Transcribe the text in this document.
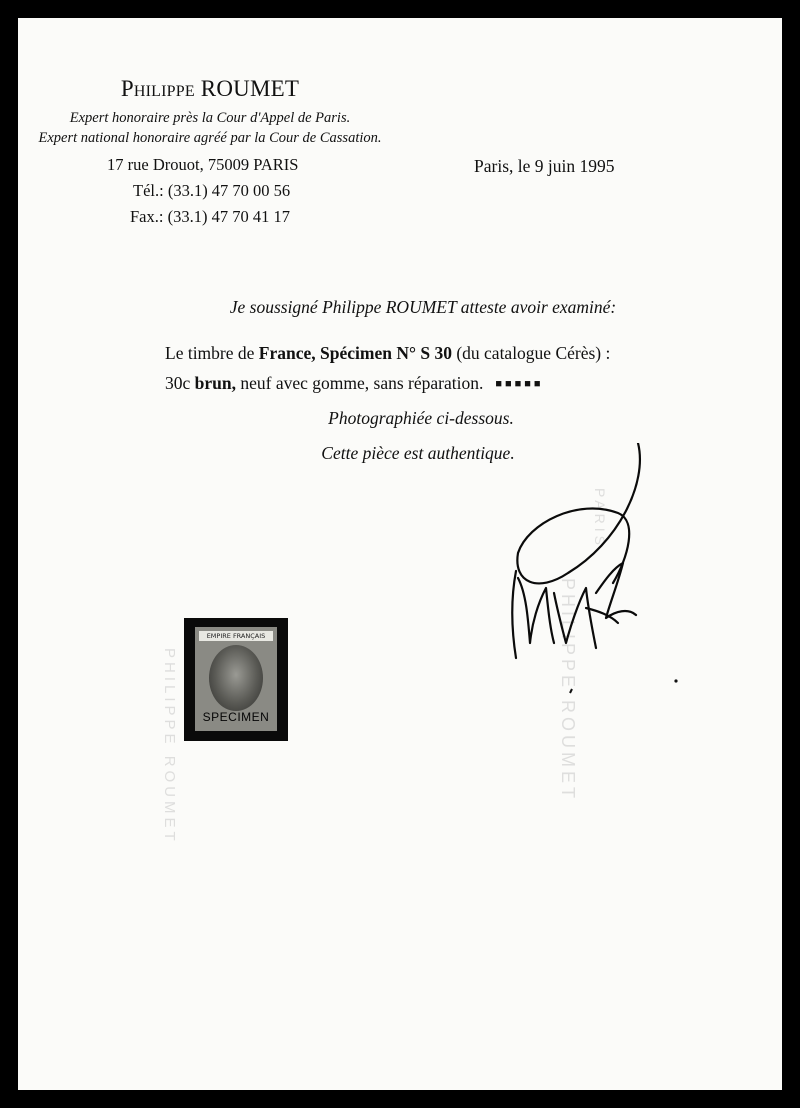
Philippe ROUMET
Expert honoraire près la Cour d'Appel de Paris.
Expert national honoraire agréé par la Cour de Cassation.
17 rue Drouot, 75009 PARIS
Tél.: (33.1) 47 70 00 56
Fax.: (33.1) 47 70 41 17
Paris, le 9 juin 1995
Je soussigné Philippe ROUMET atteste avoir examiné:
Le timbre de France, Spécimen N° S 30 (du catalogue Cérès) :
30c brun, neuf avec gomme, sans réparation. ■■■■■
Photographiée ci-dessous.
Cette pièce est authentique.
PHILIPPE ROUMET
PARIS
PHILIPPE ROUMET
EMPIRE FRANÇAIS
SPECIMEN
